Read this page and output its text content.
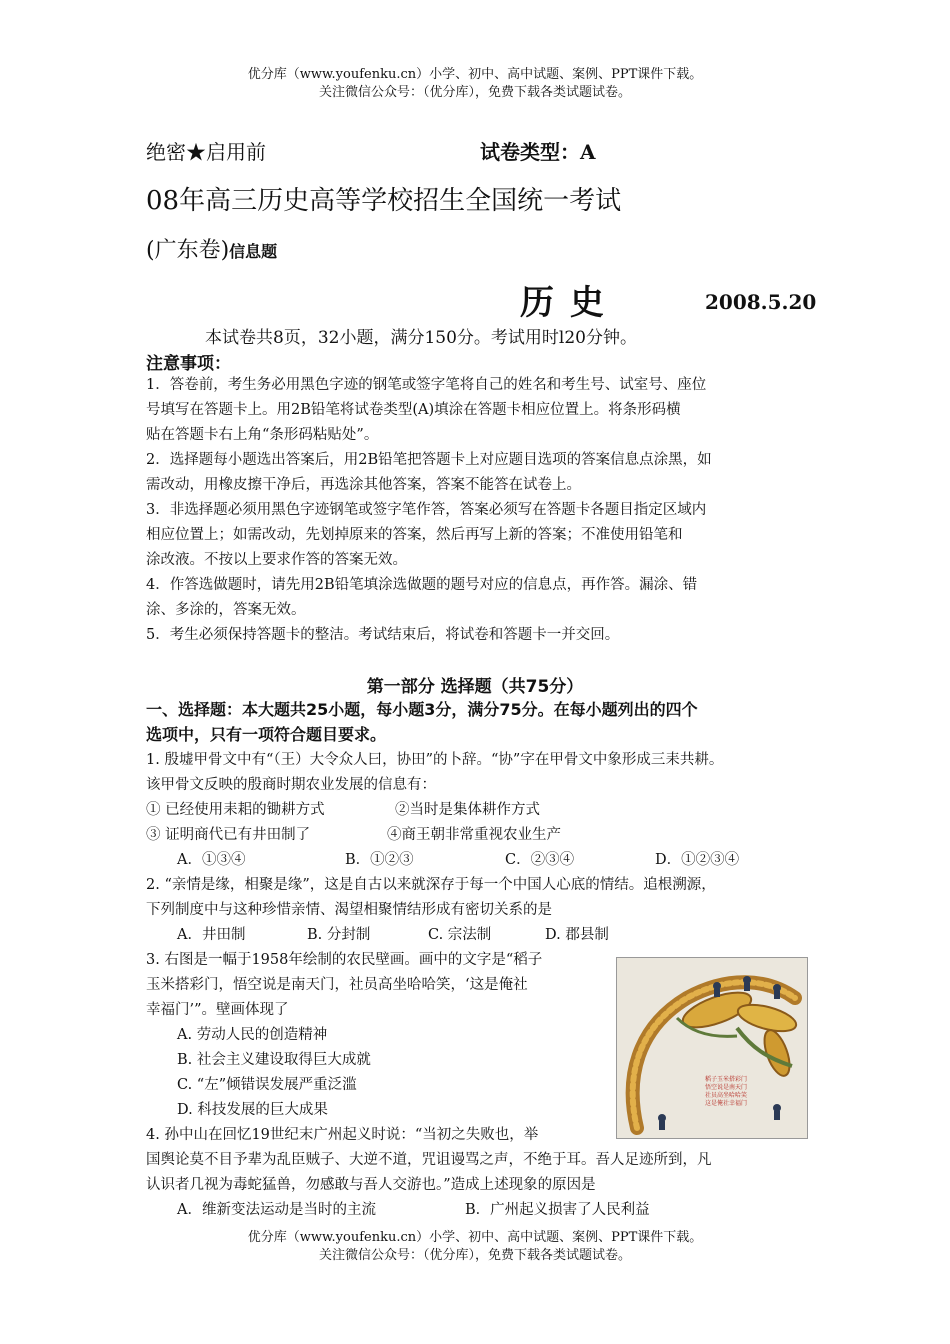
优分库（www.youfenku.cn）小学、初中、高中试题、案例、PPT课件下载。
关注微信公众号：（优分库），免费下载各类试题试卷。
绝密★启用前	试卷类型：A
08年高三历史高等学校招生全国统一考试
(广东卷)信息题
历 史	2008.5.20
本试卷共8页，32小题，满分150分。考试用时l20分钟。
注意事项：
1．答卷前，考生务必用黑色字迹的钢笔或签字笔将自己的姓名和考生号、试室号、座位
号填写在答题卡上。用2B铅笔将试卷类型(A)填涂在答题卡相应位置上。将条形码横
贴在答题卡右上角“条形码粘贴处”。
2．选择题每小题选出答案后，用2B铅笔把答题卡上对应题目选项的答案信息点涂黑，如
需改动，用橡皮擦干净后，再选涂其他答案，答案不能答在试卷上。
3．非选择题必须用黑色字迹钢笔或签字笔作答，答案必须写在答题卡各题目指定区域内
相应位置上；如需改动，先划掉原来的答案，然后再写上新的答案；不准使用铅笔和
涂改液。不按以上要求作答的答案无效。
4．作答选做题时，请先用2B铅笔填涂选做题的题号对应的信息点，再作答。漏涂、错
涂、多涂的，答案无效。
5．考生必须保持答题卡的整洁。考试结束后，将试卷和答题卡一并交回。
第一部分 选择题（共75分）
一、选择题：本大题共25小题，每小题3分，满分75分。在每小题列出的四个
选项中，只有一项符合题目要求。
1. 殷墟甲骨文中有“（王）大令众人曰，协田”的卜辞。“协”字在甲骨文中象形成三耒共耕。
该甲骨文反映的殷商时期农业发展的信息有：
① 已经使用耒耜的锄耕方式	②当时是集体耕作方式
③ 证明商代已有井田制了	④商王朝非常重视农业生产
A．①③④	B．①②③	C．②③④	D．①②③④
2. “亲情是缘，相聚是缘”，这是自古以来就深存于每一个中国人心底的情结。追根溯源，
下列制度中与这种珍惜亲情、渴望相聚情结形成有密切关系的是
A．井田制	B. 分封制	C. 宗法制	D. 郡县制
3. 右图是一幅于1958年绘制的农民壁画。画中的文字是“稻子
玉米搭彩门，悟空说是南天门，社员高坐哈哈笑，‘这是俺社
幸福门’”。壁画体现了
A. 劳动人民的创造精神
B. 社会主义建设取得巨大成就
C. “左”倾错误发展严重泛滥
D. 科技发展的巨大成果
稻子玉米搭彩门
悟空说是南天门
社员高坐哈哈笑
这是俺社幸福门
4. 孙中山在回忆19世纪末广州起义时说：“当初之失败也，举
国舆论莫不目予辈为乱臣贼子、大逆不道，咒诅谩骂之声，不绝于耳。吾人足迹所到，凡
认识者几视为毒蛇猛兽，勿感敢与吾人交游也。”造成上述现象的原因是
A．维新变法运动是当时的主流	B．广州起义损害了人民利益
优分库（www.youfenku.cn）小学、初中、高中试题、案例、PPT课件下载。
关注微信公众号：（优分库），免费下载各类试题试卷。
